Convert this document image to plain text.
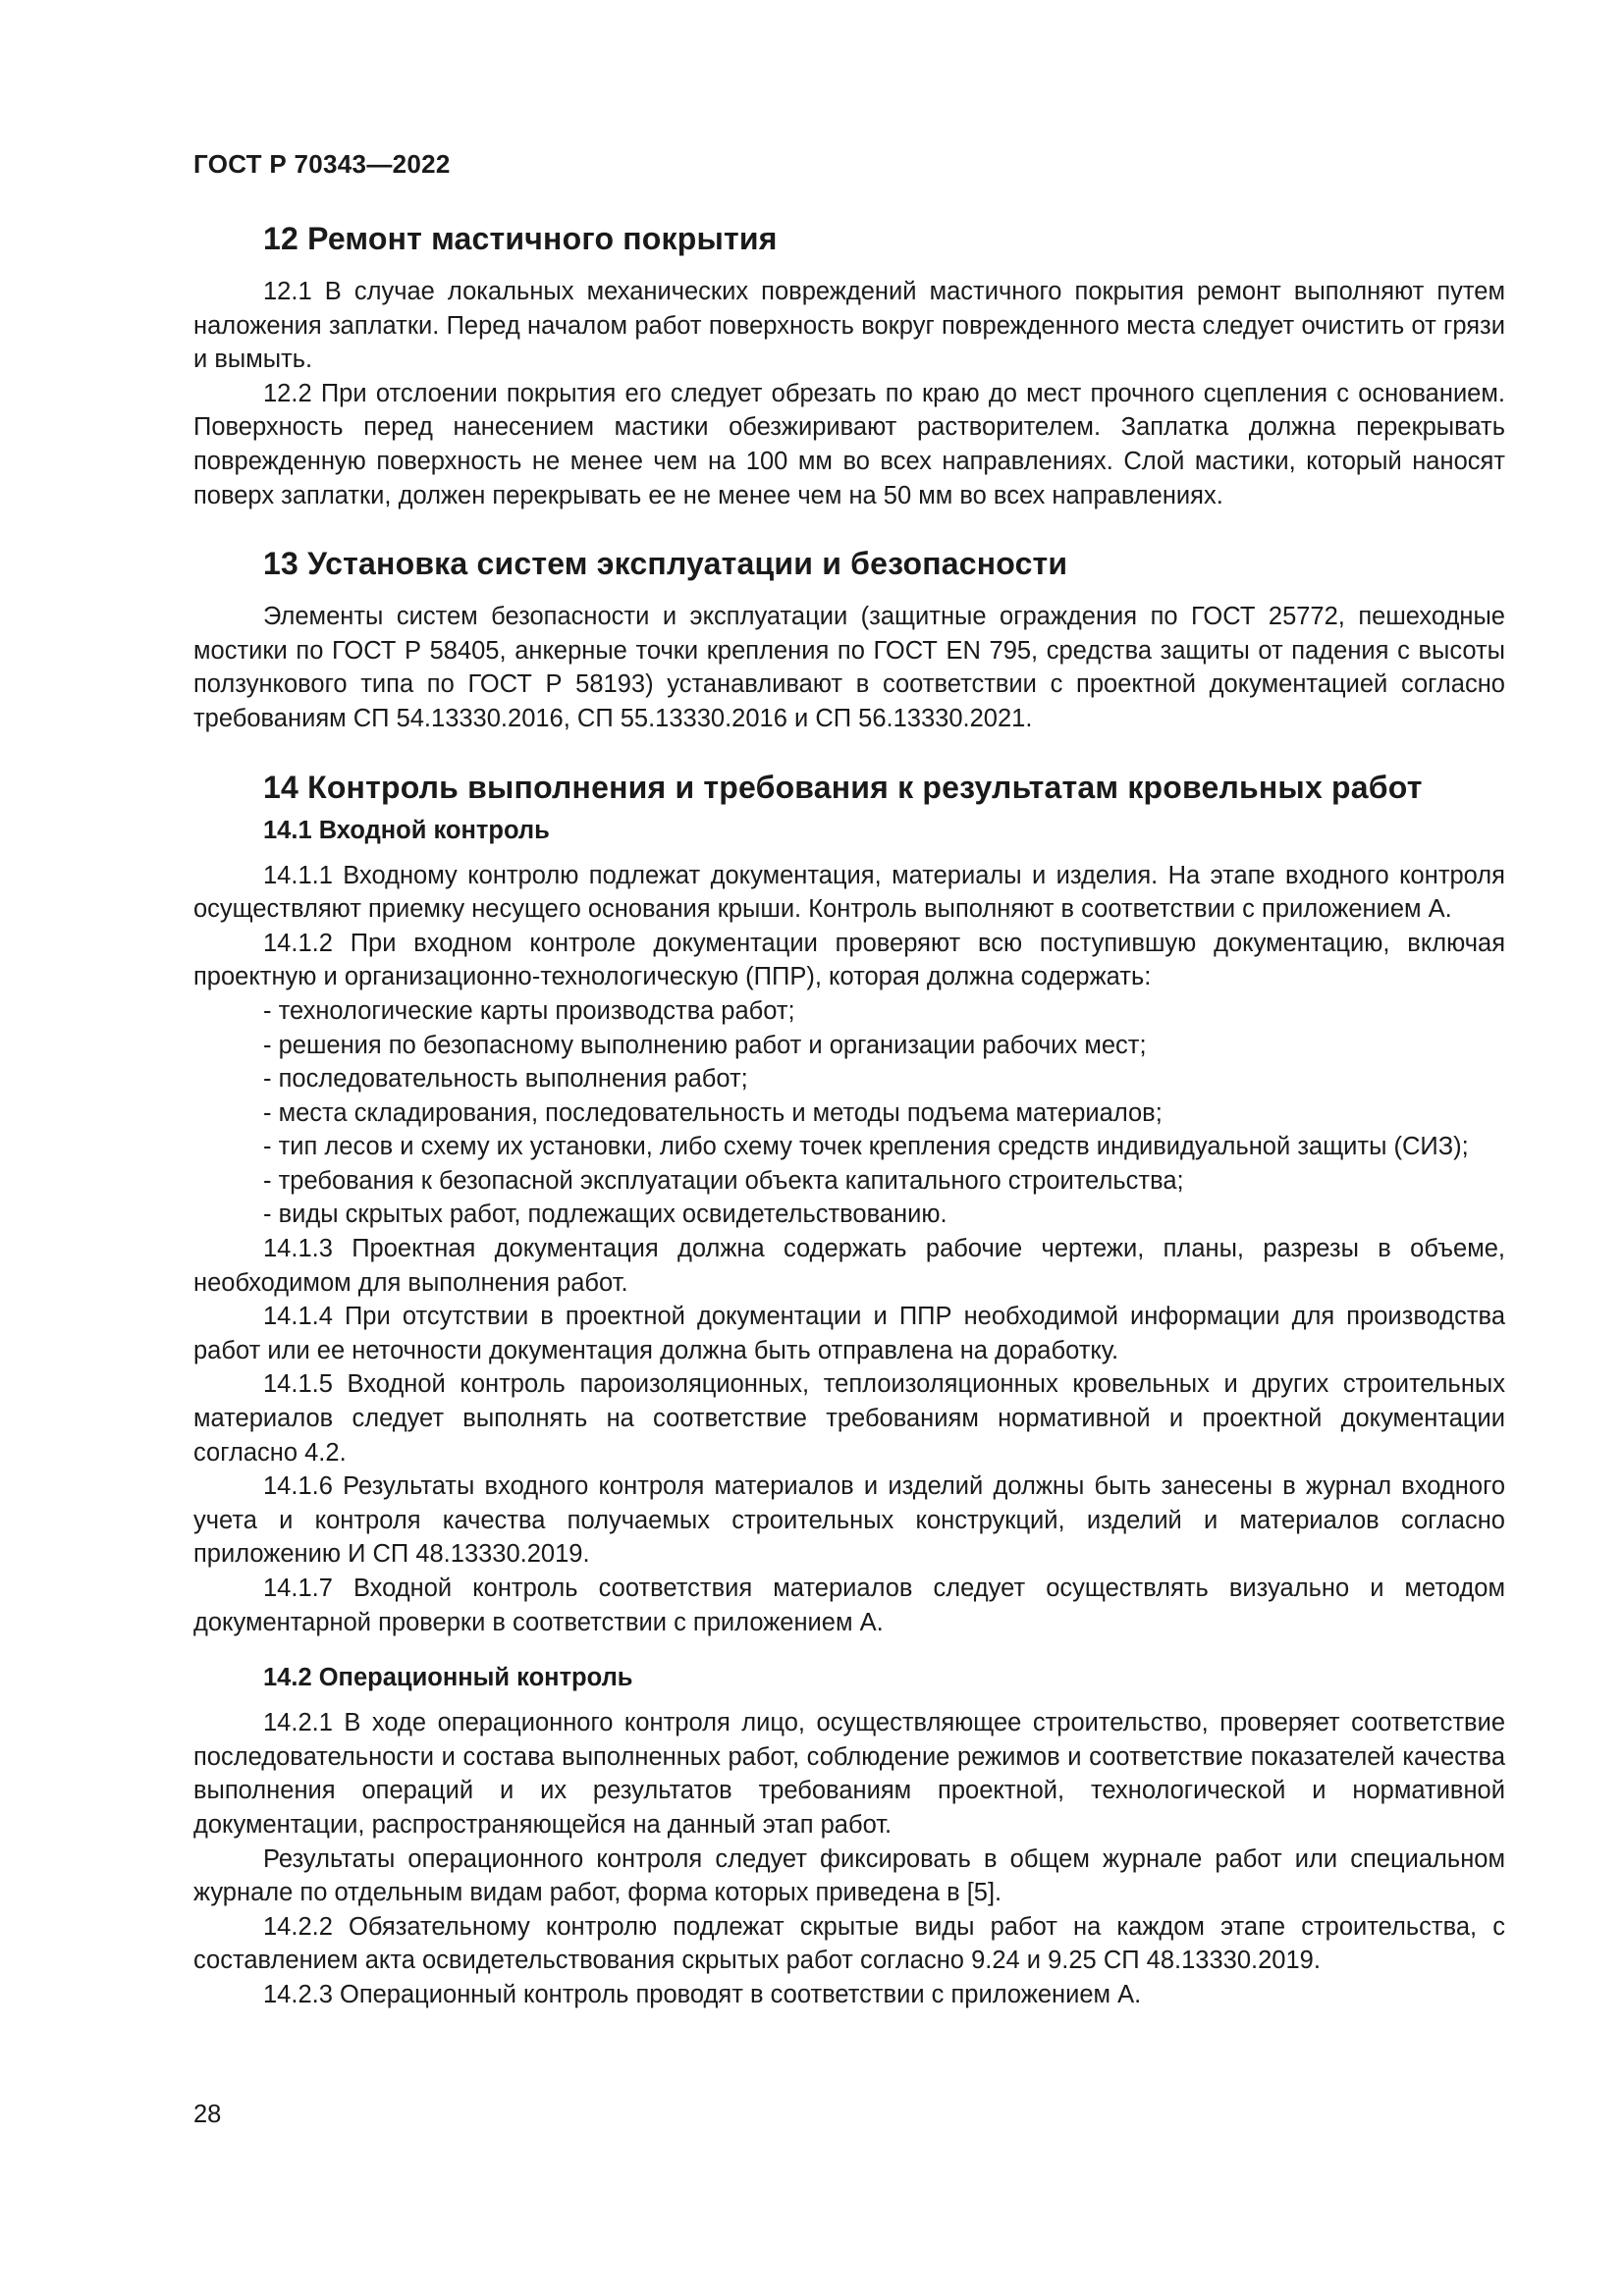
ГОСТ Р 70343—2022
12 Ремонт мастичного покрытия

12.1 В случае локальных механических повреждений мастичного покрытия ремонт выполняют путем наложения заплатки. Перед началом работ поверхность вокруг поврежденного места следует очистить от грязи и вымыть.

12.2 При отслоении покрытия его следует обрезать по краю до мест прочного сцепления с основанием. Поверхность перед нанесением мастики обезжиривают растворителем. Заплатка должна перекрывать поврежденную поверхность не менее чем на 100 мм во всех направлениях. Слой мастики, который наносят поверх заплатки, должен перекрывать ее не менее чем на 50 мм во всех направлениях.

13 Установка систем эксплуатации и безопасности

Элементы систем безопасности и эксплуатации (защитные ограждения по ГОСТ 25772, пешеходные мостики по ГОСТ Р 58405, анкерные точки крепления по ГОСТ EN 795, средства защиты от падения с высоты ползункового типа по ГОСТ Р 58193) устанавливают в соответствии с проектной документацией согласно требованиям СП 54.13330.2016, СП 55.13330.2016 и СП 56.13330.2021.

14 Контроль выполнения и требования к результатам кровельных работ
14.1 Входной контроль

14.1.1 Входному контролю подлежат документация, материалы и изделия. На этапе входного контроля осуществляют приемку несущего основания крыши. Контроль выполняют в соответствии с приложением А.

14.1.2 При входном контроле документации проверяют всю поступившую документацию, включая проектную и организационно-технологическую (ППР), которая должна содержать:

- технологические карты производства работ;

- решения по безопасному выполнению работ и организации рабочих мест;

- последовательность выполнения работ;

- места складирования, последовательность и методы подъема материалов;

- тип лесов и схему их установки, либо схему точек крепления средств индивидуальной защиты (СИЗ);

- требования к безопасной эксплуатации объекта капитального строительства;

- виды скрытых работ, подлежащих освидетельствованию.

14.1.3 Проектная документация должна содержать рабочие чертежи, планы, разрезы в объеме, необходимом для выполнения работ.

14.1.4 При отсутствии в проектной документации и ППР необходимой информации для производства работ или ее неточности документация должна быть отправлена на доработку.

14.1.5 Входной контроль пароизоляционных, теплоизоляционных кровельных и других строительных материалов следует выполнять на соответствие требованиям нормативной и проектной документации согласно 4.2.

14.1.6 Результаты входного контроля материалов и изделий должны быть занесены в журнал входного учета и контроля качества получаемых строительных конструкций, изделий и материалов согласно приложению И СП 48.13330.2019.

14.1.7 Входной контроль соответствия материалов следует осуществлять визуально и методом документарной проверки в соответствии с приложением А.

14.2 Операционный контроль

14.2.1 В ходе операционного контроля лицо, осуществляющее строительство, проверяет соответствие последовательности и состава выполненных работ, соблюдение режимов и соответствие показателей качества выполнения операций и их результатов требованиям проектной, технологической и нормативной документации, распространяющейся на данный этап работ.

Результаты операционного контроля следует фиксировать в общем журнале работ или специальном журнале по отдельным видам работ, форма которых приведена в [5].

14.2.2 Обязательному контролю подлежат скрытые виды работ на каждом этапе строительства, с составлением акта освидетельствования скрытых работ согласно 9.24 и 9.25 СП 48.13330.2019.

14.2.3 Операционный контроль проводят в соответствии с приложением А.

28
